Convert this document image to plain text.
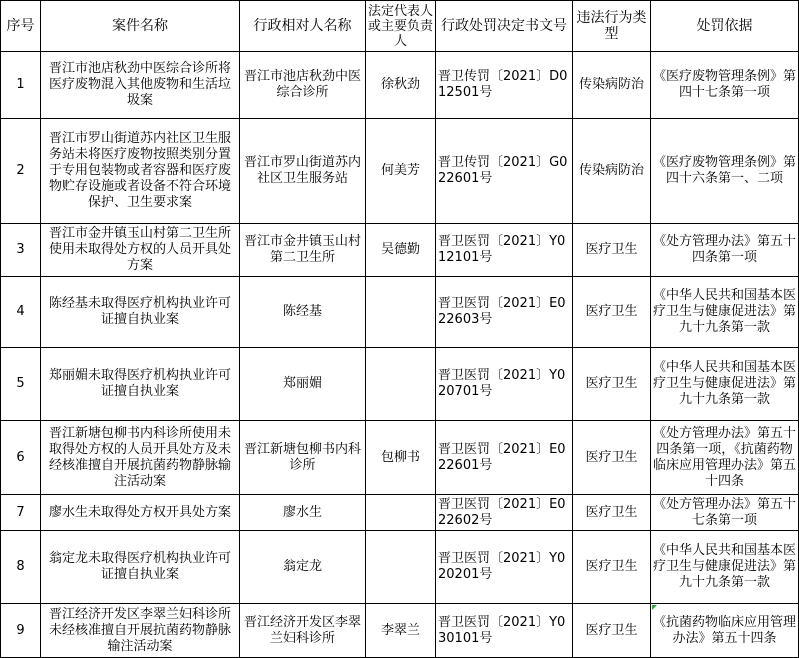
序号	案件名称	行政相对人名称	法定代表人或主要负责人	行政处罚决定书文号	违法行为类型	处罚依据
1	晋江市池店秋劲中医综合诊所将医疗废物混入其他废物和生活垃圾案	晋江市池店秋劲中医综合诊所	徐秋劲	晋卫传罚〔2021〕D012501号	传染病防治	《医疗废物管理条例》第四十七条第一项
2	晋江市罗山街道苏内社区卫生服务站未将医疗废物按照类别分置于专用包装物或者容器和医疗废物贮存设施或者设备不符合环境保护、卫生要求案	晋江市罗山街道苏内社区卫生服务站	何美芳	晋卫传罚〔2021〕G022601号	传染病防治	《医疗废物管理条例》第四十六条第一、二项
3	晋江市金井镇玉山村第二卫生所使用未取得处方权的人员开具处方案	晋江市金井镇玉山村第二卫生所	吴德勤	晋卫医罚〔2021〕Y012101号	医疗卫生	《处方管理办法》第五十四条第一项
4	陈经基未取得医疗机构执业许可证擅自执业案	陈经基		晋卫医罚〔2021〕E022603号	医疗卫生	《中华人民共和国基本医疗卫生与健康促进法》第九十九条第一款
5	郑丽媚未取得医疗机构执业许可证擅自执业案	郑丽媚		晋卫医罚〔2021〕Y020701号	医疗卫生	《中华人民共和国基本医疗卫生与健康促进法》第九十九条第一款
6	晋江新塘包柳书内科诊所使用未取得处方权的人员开具处方及未经核准擅自开展抗菌药物静脉输注活动案	晋江新塘包柳书内科诊所	包柳书	晋卫医罚〔2021〕E022601号	医疗卫生	《处方管理办法》第五十四条第一项，《抗菌药物临床应用管理办法》第五十四条
7	廖水生未取得处方权开具处方案	廖水生		晋卫医罚〔2021〕E022602号	医疗卫生	《处方管理办法》第五十七条第一项
8	翁定龙未取得医疗机构执业许可证擅自执业案	翁定龙		晋卫医罚〔2021〕Y020201号	医疗卫生	《中华人民共和国基本医疗卫生与健康促进法》第九十九条第一款
9	晋江经济开发区李翠兰妇科诊所未经核准擅自开展抗菌药物静脉输注活动案	晋江经济开发区李翠兰妇科诊所	李翠兰	晋卫医罚〔2021〕Y030101号	医疗卫生	《抗菌药物临床应用管理办法》第五十四条
